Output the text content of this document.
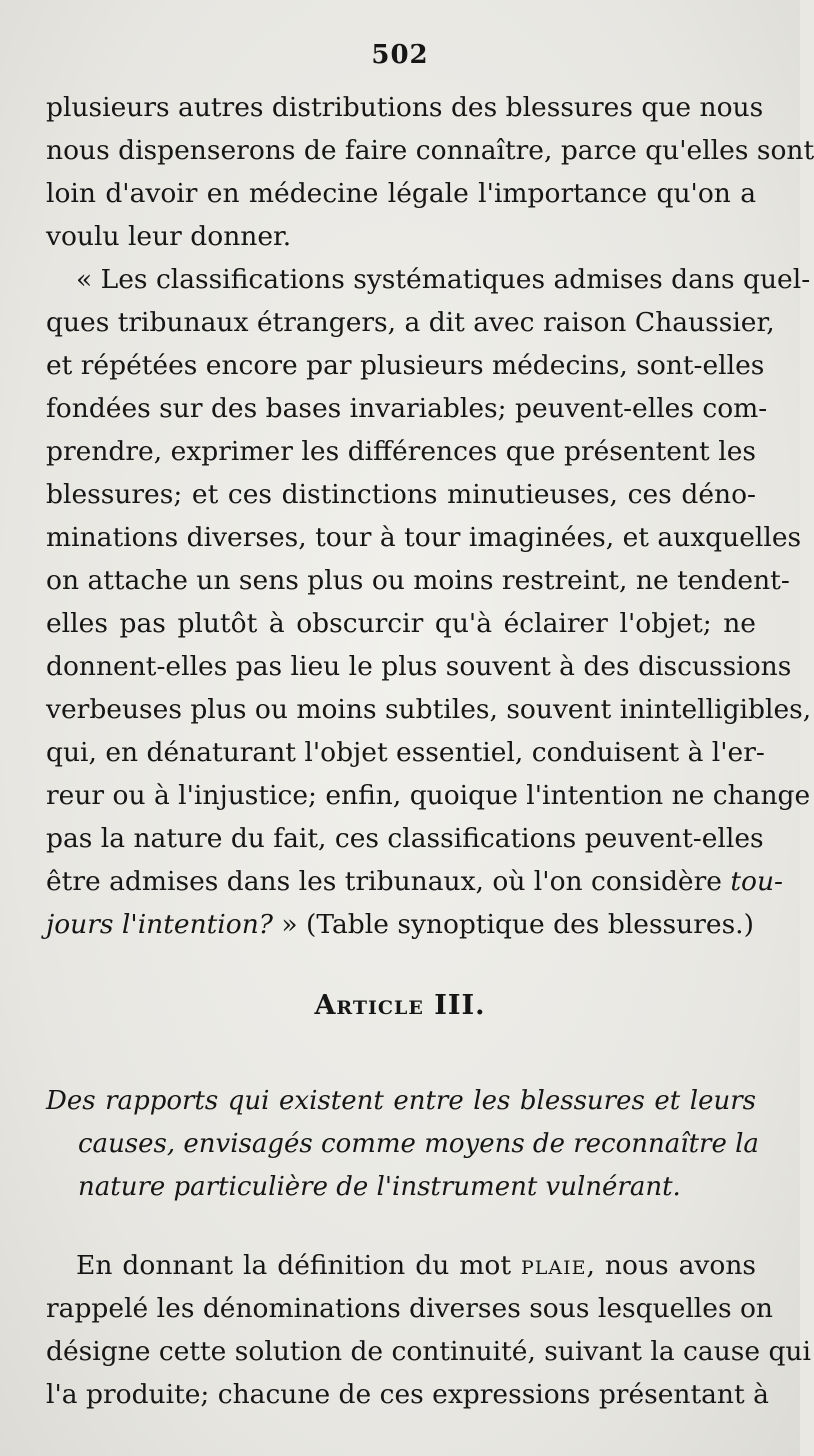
502
plusieurs autres distributions des blessures que nous
nous dispenserons de faire connaître, parce qu'elles sont
loin d'avoir en médecine légale l'importance qu'on a
voulu leur donner.
« Les classifications systématiques admises dans quel-
ques tribunaux étrangers, a dit avec raison Chaussier,
et répétées encore par plusieurs médecins, sont-elles
fondées sur des bases invariables; peuvent-elles com-
prendre, exprimer les différences que présentent les
blessures; et ces distinctions minutieuses, ces déno-
minations diverses, tour à tour imaginées, et auxquelles
on attache un sens plus ou moins restreint, ne tendent-
elles pas plutôt à obscurcir qu'à éclairer l'objet; ne
donnent-elles pas lieu le plus souvent à des discussions
verbeuses plus ou moins subtiles, souvent inintelligibles,
qui, en dénaturant l'objet essentiel, conduisent à l'er-
reur ou à l'injustice; enfin, quoique l'intention ne change
pas la nature du fait, ces classifications peuvent-elles
être admises dans les tribunaux, où l'on considère tou-
jours l'intention? » (Table synoptique des blessures.)
Article III.
Des rapports qui existent entre les blessures et leurs
causes, envisagés comme moyens de reconnaître la
nature particulière de l'instrument vulnérant.
En donnant la définition du mot plaie, nous avons
rappelé les dénominations diverses sous lesquelles on
désigne cette solution de continuité, suivant la cause qui
l'a produite; chacune de ces expressions présentant à
